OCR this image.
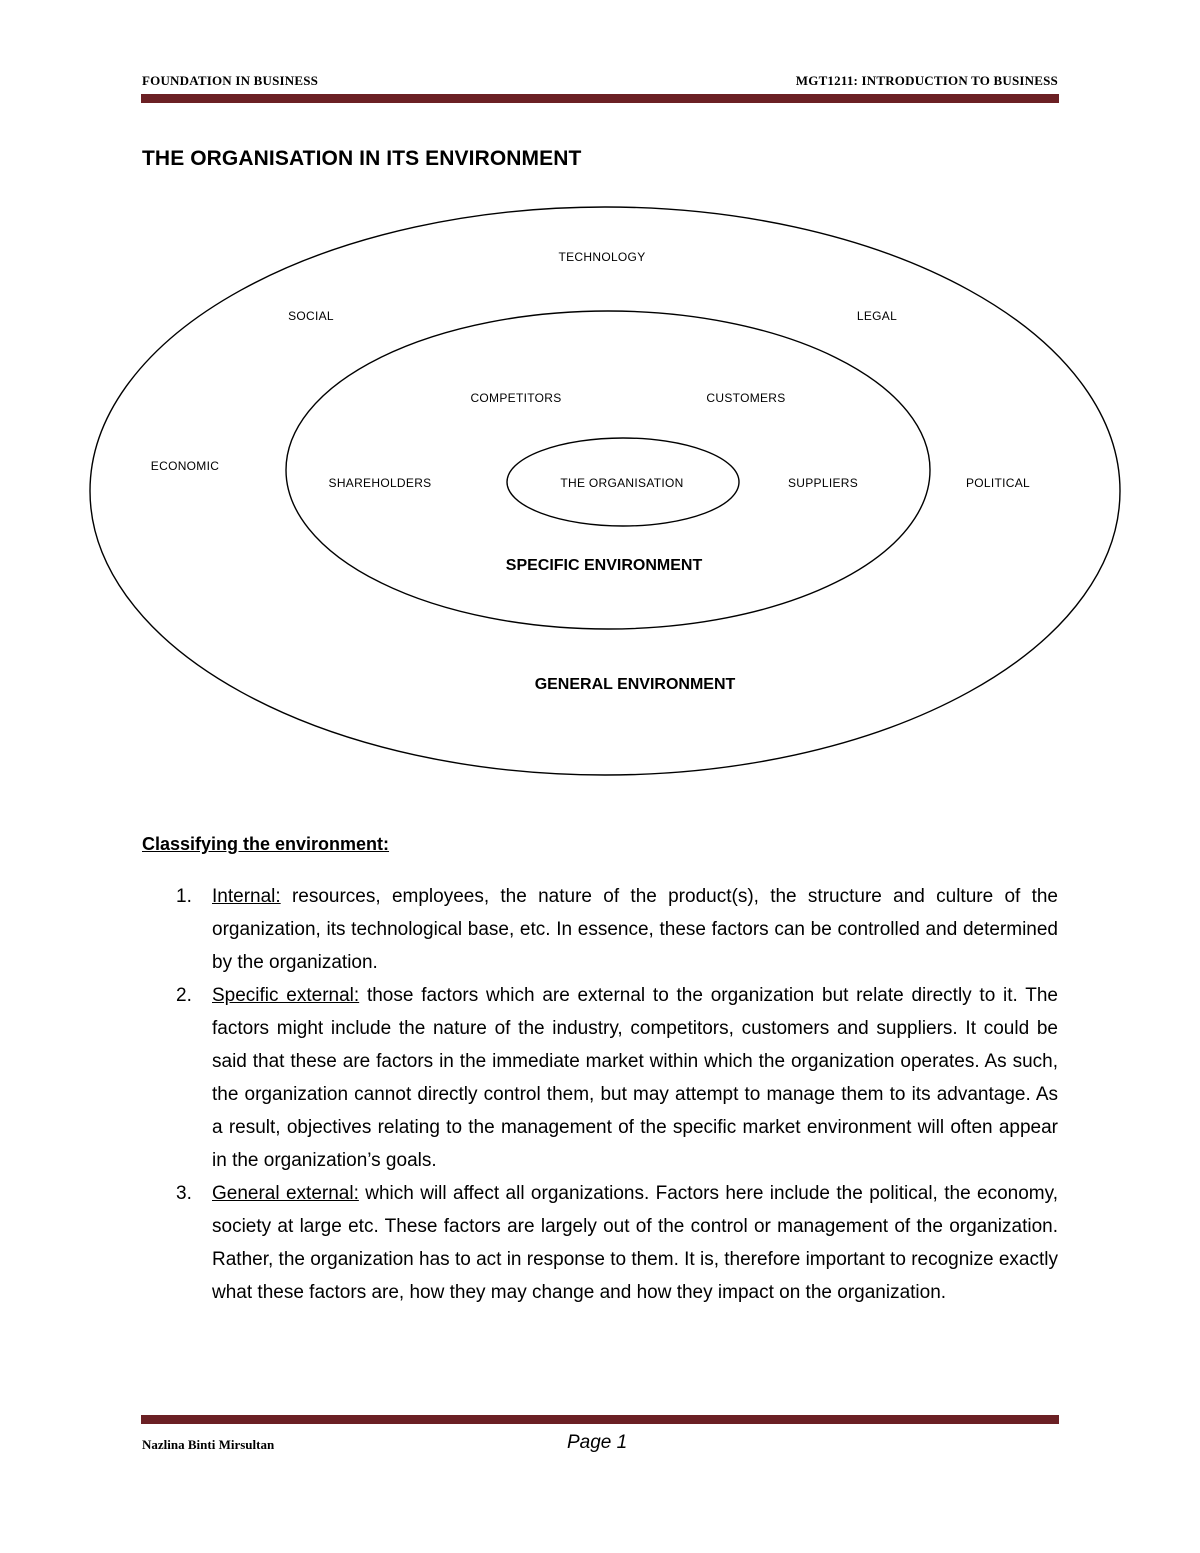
FOUNDATION IN BUSINESS	MGT1211: INTRODUCTION TO BUSINESS
THE ORGANISATION IN ITS ENVIRONMENT
TECHNOLOGY
SOCIAL	LEGAL
ECONOMIC
POLITICAL
COMPETITORS	CUSTOMERS
SHAREHOLDERS	SUPPLIERS
THE ORGANISATION
SPECIFIC ENVIRONMENT
GENERAL ENVIRONMENT
Classifying the environment:
1. Internal: resources, employees, the nature of the product(s), the structure and culture of the organization, its technological base, etc. In essence, these factors can be controlled and determined by the organization.
2. Specific external: those factors which are external to the organization but relate directly to it. The factors might include the nature of the industry, competitors, customers and suppliers. It could be said that these are factors in the immediate market within which the organization operates. As such, the organization cannot directly control them, but may attempt to manage them to its advantage. As a result, objectives relating to the management of the specific market environment will often appear in the organization’s goals.
3. General external: which will affect all organizations. Factors here include the political, the economy, society at large etc. These factors are largely out of the control or management of the organization. Rather, the organization has to act in response to them. It is, therefore important to recognize exactly what these factors are, how they may change and how they impact on the organization.
Nazlina Binti Mirsultan	Page 1
